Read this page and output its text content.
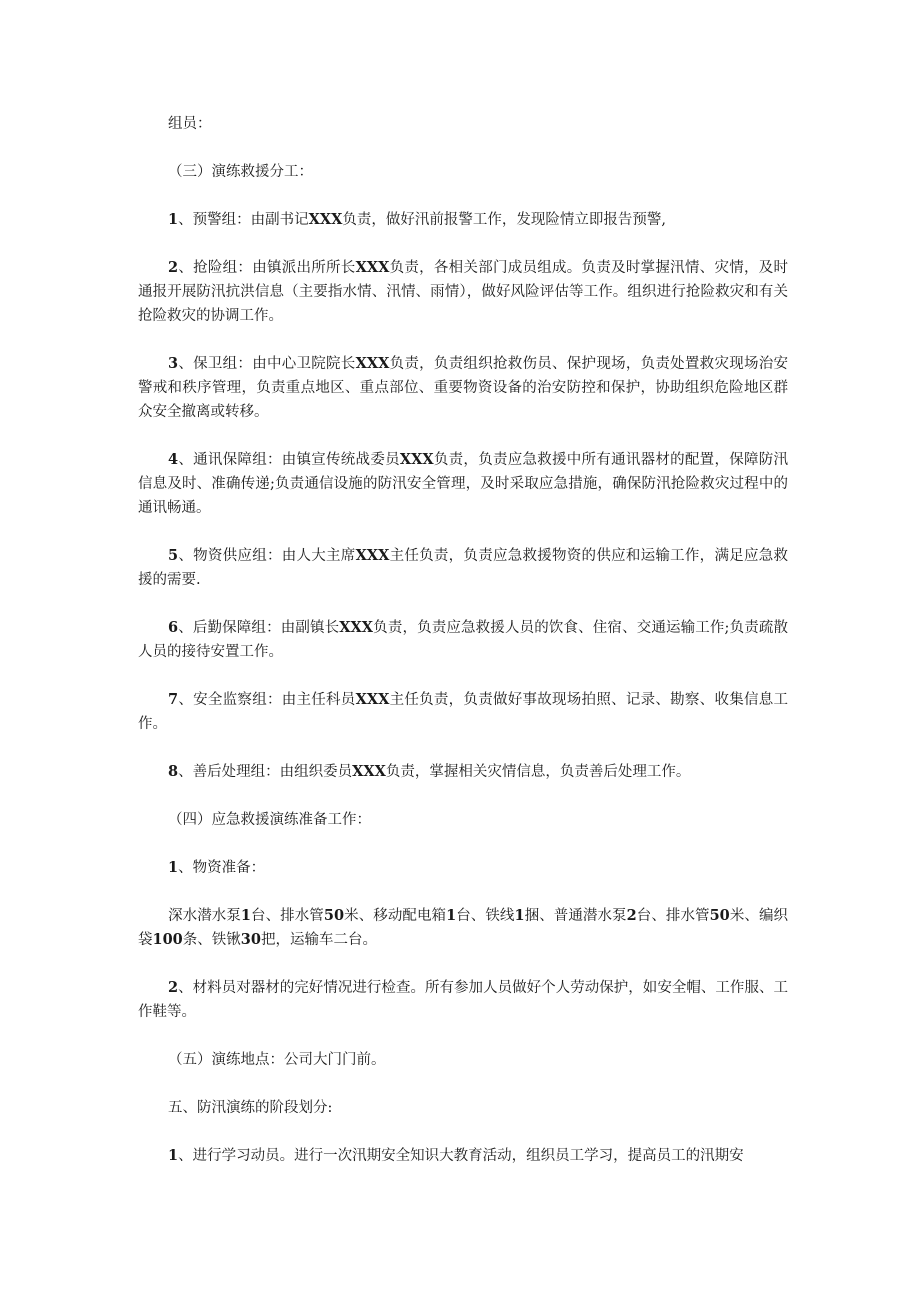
组员：

（三）演练救援分工：

1、预警组：由副书记XXX负责，做好汛前报警工作，发现险情立即报告预警,

2、抢险组：由镇派出所所长XXX负责，各相关部门成员组成。负责及时掌握汛情、灾情，及时通报开展防汛抗洪信息（主要指水情、汛情、雨情），做好风险评估等工作。组织进行抢险救灾和有关抢险救灾的协调工作。

3、保卫组：由中心卫院院长XXX负责，负责组织抢救伤员、保护现场，负责处置救灾现场治安警戒和秩序管理，负责重点地区、重点部位、重要物资设备的治安防控和保护，协助组织危险地区群众安全撤离或转移。

4、通讯保障组：由镇宣传统战委员XXX负责，负责应急救援中所有通讯器材的配置，保障防汛信息及时、准确传递;负责通信设施的防汛安全管理，及时采取应急措施，确保防汛抢险救灾过程中的通讯畅通。

5、物资供应组：由人大主席XXX主任负责，负责应急救援物资的供应和运输工作，满足应急救援的需要.

6、后勤保障组：由副镇长XXX负责，负责应急救援人员的饮食、住宿、交通运输工作;负责疏散人员的接待安置工作。

7、安全监察组：由主任科员XXX主任负责，负责做好事故现场拍照、记录、勘察、收集信息工作。

8、善后处理组：由组织委员XXX负责，掌握相关灾情信息，负责善后处理工作。

（四）应急救援演练准备工作：

1、物资准备：

深水潜水泵1台、排水管50米、移动配电箱1台、铁线1捆、普通潜水泵2台、排水管50米、编织袋100条、铁锹30把，运输车二台。

2、材料员对器材的完好情况进行检查。所有参加人员做好个人劳动保护，如安全帽、工作服、工作鞋等。

（五）演练地点：公司大门门前。

五、防汛演练的阶段划分:

1、进行学习动员。进行一次汛期安全知识大教育活动，组织员工学习，提高员工的汛期安
